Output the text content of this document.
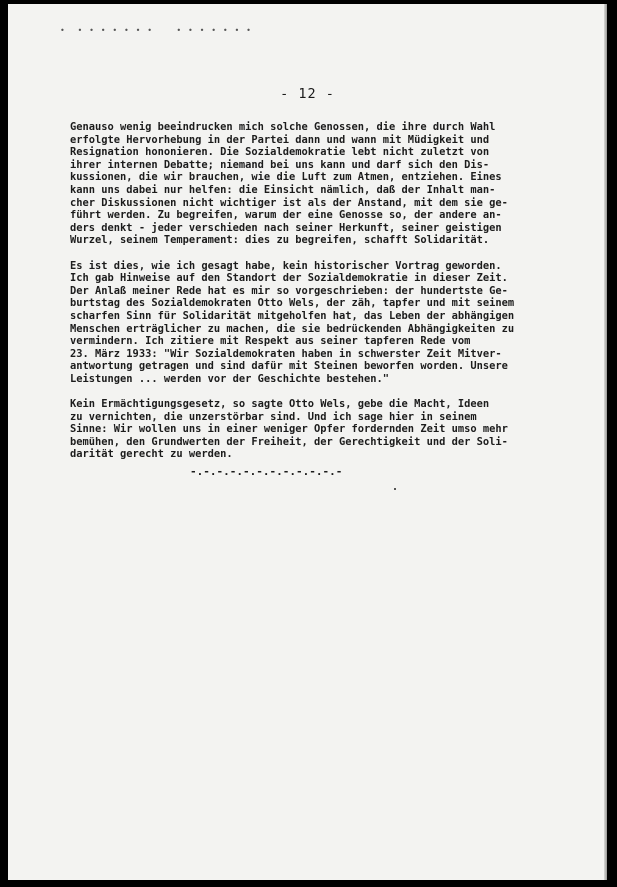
•  • • • • • • •    • • • • • • •
- 12 -
Genauso wenig beeindrucken mich solche Genossen, die ihre durch Wahl
erfolgte Hervorhebung in der Partei dann und wann mit Müdigkeit und
Resignation hononieren. Die Sozialdemokratie lebt nicht zuletzt von
ihrer internen Debatte; niemand bei uns kann und darf sich den Dis-
kussionen, die wir brauchen, wie die Luft zum Atmen, entziehen. Eines
kann uns dabei nur helfen: die Einsicht nämlich, daß der Inhalt man-
cher Diskussionen nicht wichtiger ist als der Anstand, mit dem sie ge-
führt werden. Zu begreifen, warum der eine Genosse so, der andere an-
ders denkt - jeder verschieden nach seiner Herkunft, seiner geistigen
Wurzel, seinem Temperament: dies zu begreifen, schafft Solidarität.
Es ist dies, wie ich gesagt habe, kein historischer Vortrag geworden.
Ich gab Hinweise auf den Standort der Sozialdemokratie in dieser Zeit.
Der Anlaß meiner Rede hat es mir so vorgeschrieben: der hundertste Ge-
burtstag des Sozialdemokraten Otto Wels, der zäh, tapfer und mit seinem
scharfen Sinn für Solidarität mitgeholfen hat, das Leben der abhängigen
Menschen erträglicher zu machen, die sie bedrückenden Abhängigkeiten zu
vermindern. Ich zitiere mit Respekt aus seiner tapferen Rede vom
23. März 1933: "Wir Sozialdemokraten haben in schwerster Zeit Mitver-
antwortung getragen und sind dafür mit Steinen beworfen worden. Unsere
Leistungen ... werden vor der Geschichte bestehen."
Kein Ermächtigungsgesetz, so sagte Otto Wels, gebe die Macht, Ideen
zu vernichten, die unzerstörbar sind. Und ich sage hier in seinem
Sinne: Wir wollen uns in einer weniger Opfer fordernden Zeit umso mehr
bemühen, den Grundwerten der Freiheit, der Gerechtigkeit und der Soli-
darität gerecht zu werden.
-.-.-.-.-.-.-.-.-.-.-.-
